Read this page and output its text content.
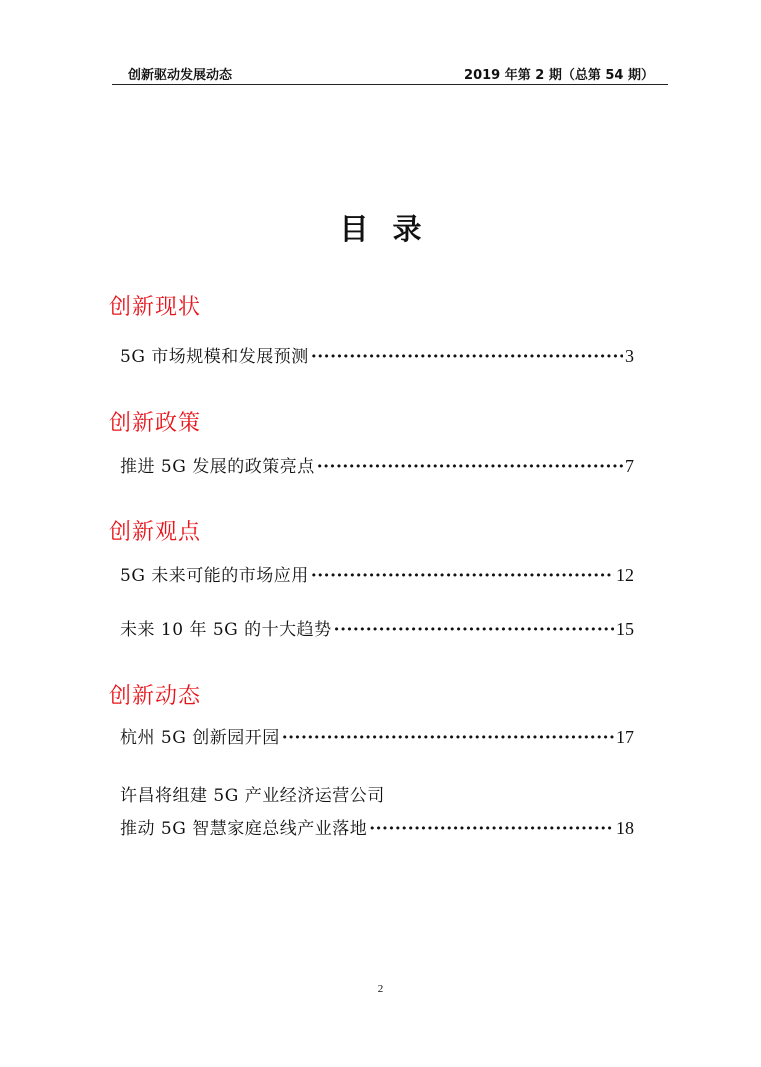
创新驱动发展动态	2019 年第 2 期（总第 54 期）
目录
创新现状
5G 市场规模和发展预测 ·····	3
创新政策
推进 5G 发展的政策亮点 ·····	7
创新观点
5G 未来可能的市场应用 ·····	12
未来 10 年 5G 的十大趋势 ·····	15
创新动态
杭州 5G 创新园开园 ·····	17
许昌将组建 5G 产业经济运营公司
推动 5G 智慧家庭总线产业落地 ·····	18
2
